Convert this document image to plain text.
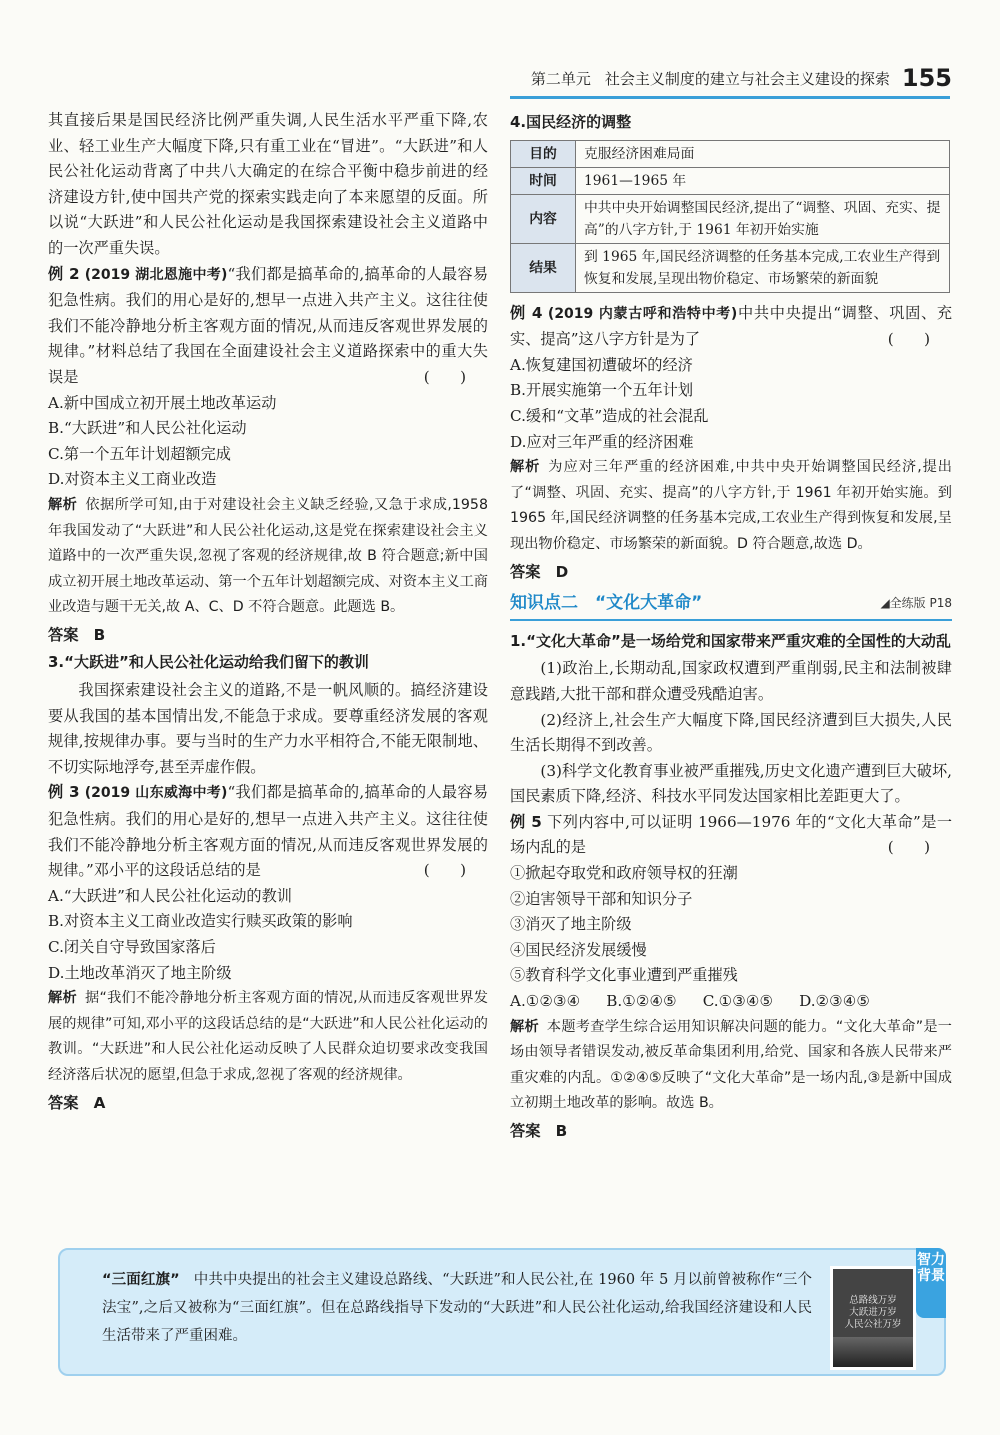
第二单元 社会主义制度的建立与社会主义建设的探索 155

其直接后果是国民经济比例严重失调,人民生活水平严重下降,农业、轻工业生产大幅度下降,只有重工业在“冒进”。“大跃进”和人民公社化运动背离了中共八大确定的在综合平衡中稳步前进的经济建设方针,使中国共产党的探索实践走向了本来愿望的反面。所以说“大跃进”和人民公社化运动是我国探索建设社会主义道路中的一次严重失误。

例 2 (2019 湖北恩施中考)“我们都是搞革命的,搞革命的人最容易犯急性病。我们的用心是好的,想早一点进入共产主义。这往往使我们不能冷静地分析主客观方面的情况,从而违反客观世界发展的规律。”材料总结了我国在全面建设社会主义道路探索中的重大失误是	(　　)

A.新中国成立初开展土地改革运动

B.“大跃进”和人民公社化运动

C.第一个五年计划超额完成

D.对资本主义工商业改造

解析 依据所学可知,由于对建设社会主义缺乏经验,又急于求成,1958 年我国发动了“大跃进”和人民公社化运动,这是党在探索建设社会主义道路中的一次严重失误,忽视了客观的经济规律,故 B 符合题意;新中国成立初开展土地改革运动、第一个五年计划超额完成、对资本主义工商业改造与题干无关,故 A、C、D 不符合题意。此题选 B。

答案　 B

3.“大跃进”和人民公社化运动给我们留下的教训

我国探索建设社会主义的道路,不是一帆风顺的。搞经济建设要从我国的基本国情出发,不能急于求成。要尊重经济发展的客观规律,按规律办事。要与当时的生产力水平相符合,不能无限制地、不切实际地浮夸,甚至弄虚作假。

例 3 (2019 山东威海中考)“我们都是搞革命的,搞革命的人最容易犯急性病。我们的用心是好的,想早一点进入共产主义。这往往使我们不能冷静地分析主客观方面的情况,从而违反客观世界发展的规律。”邓小平的这段话总结的是	(　　)

A.“大跃进”和人民公社化运动的教训

B.对资本主义工商业改造实行赎买政策的影响

C.闭关自守导致国家落后

D.土地改革消灭了地主阶级

解析 据“我们不能冷静地分析主客观方面的情况,从而违反客观世界发展的规律”可知,邓小平的这段话总结的是“大跃进”和人民公社化运动的教训。“大跃进”和人民公社化运动反映了人民群众迫切要求改变我国经济落后状况的愿望,但急于求成,忽视了客观的经济规律。

答案　 A

4.国民经济的调整

目的	克服经济困难局面
时间	1961—1965 年
内容	中共中央开始调整国民经济,提出了“调整、巩固、充实、提高”的八字方针,于 1961 年初开始实施
结果	到 1965 年,国民经济调整的任务基本完成,工农业生产得到恢复和发展,呈现出物价稳定、市场繁荣的新面貌

例 4 (2019 内蒙古呼和浩特中考)中共中央提出“调整、巩固、充实、提高”这八字方针是为了	(　　)

A.恢复建国初遭破坏的经济

B.开展实施第一个五年计划

C.缓和“文革”造成的社会混乱

D.应对三年严重的经济困难

解析 为应对三年严重的经济困难,中共中央开始调整国民经济,提出了“调整、巩固、充实、提高”的八字方针,于 1961 年初开始实施。到 1965 年,国民经济调整的任务基本完成,工农业生产得到恢复和发展,呈现出物价稳定、市场繁荣的新面貌。D 符合题意,故选 D。

答案　 D

知识点二　“文化大革命”	◢全练版 P18

1.“文化大革命”是一场给党和国家带来严重灾难的全国性的大动乱

(1)政治上,长期动乱,国家政权遭到严重削弱,民主和法制被肆意践踏,大批干部和群众遭受残酷迫害。

(2)经济上,社会生产大幅度下降,国民经济遭到巨大损失,人民生活长期得不到改善。

(3)科学文化教育事业被严重摧残,历史文化遗产遭到巨大破坏,国民素质下降,经济、科技水平同发达国家相比差距更大了。

例 5 下列内容中,可以证明 1966—1976 年的“文化大革命”是一场内乱的是	(　　)

①掀起夺取党和政府领导权的狂潮

②迫害领导干部和知识分子

③消灭了地主阶级

④国民经济发展缓慢

⑤教育科学文化事业遭到严重摧残

A.①②③④ B.①②④⑤ C.①③④⑤ D.②③④⑤

解析 本题考查学生综合运用知识解决问题的能力。“文化大革命”是一场由领导者错误发动,被反革命集团利用,给党、国家和各族人民带来严重灾难的内乱。①②④⑤反映了“文化大革命”是一场内乱,③是新中国成立初期土地改革的影响。故选 B。

答案　 B

“三面红旗” 中共中央提出的社会主义建设总路线、“大跃进”和人民公社,在 1960 年 5 月以前曾被称作“三个法宝”,之后又被称为“三面红旗”。但在总路线指导下发动的“大跃进”和人民公社化运动,给我国经济建设和人民生活带来了严重困难。

总路线万岁
大跃进万岁
人民公社万岁
智力背景
